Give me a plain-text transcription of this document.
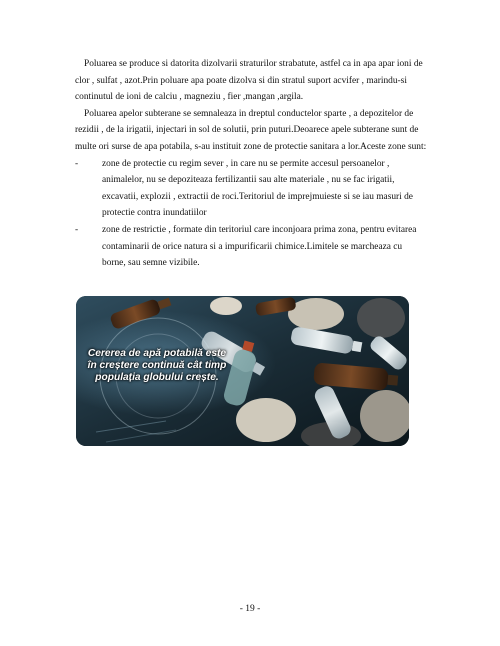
Poluarea se produce si datorita dizolvarii straturilor strabatute, astfel ca in apa apar ioni de clor , sulfat , azot.Prin poluare apa poate dizolva si din stratul suport acvifer , marindu-si continutul de ioni de calciu , magneziu , fier ,mangan ,argila.

Poluarea apelor subterane se semnaleaza in dreptul conductelor sparte , a depozitelor de rezidii , de la irigatii, injectari in sol de solutii, prin puturi.Deoarece apele subterane sunt de multe ori surse de apa potabila, s-au instituit zone de protectie sanitara a lor.Aceste zone sunt:

-	zone de protectie cu regim sever , in care nu se permite accesul persoanelor , animalelor, nu se depoziteaza fertilizantii sau alte materiale , nu se fac irigatii, excavatii, explozii , extractii de roci.Teritoriul de imprejmuieste si se iau masuri de protectie contra inundatiilor
-	zone de restrictie , formate din teritoriul care inconjoara prima zona, pentru evitarea contaminarii de orice natura si a impurificarii chimice.Limitele se marcheaza cu borne, sau semne vizibile.
Cererea de apă potabilă este în creștere continuă cât timp populația globului crește.
- 19 -
